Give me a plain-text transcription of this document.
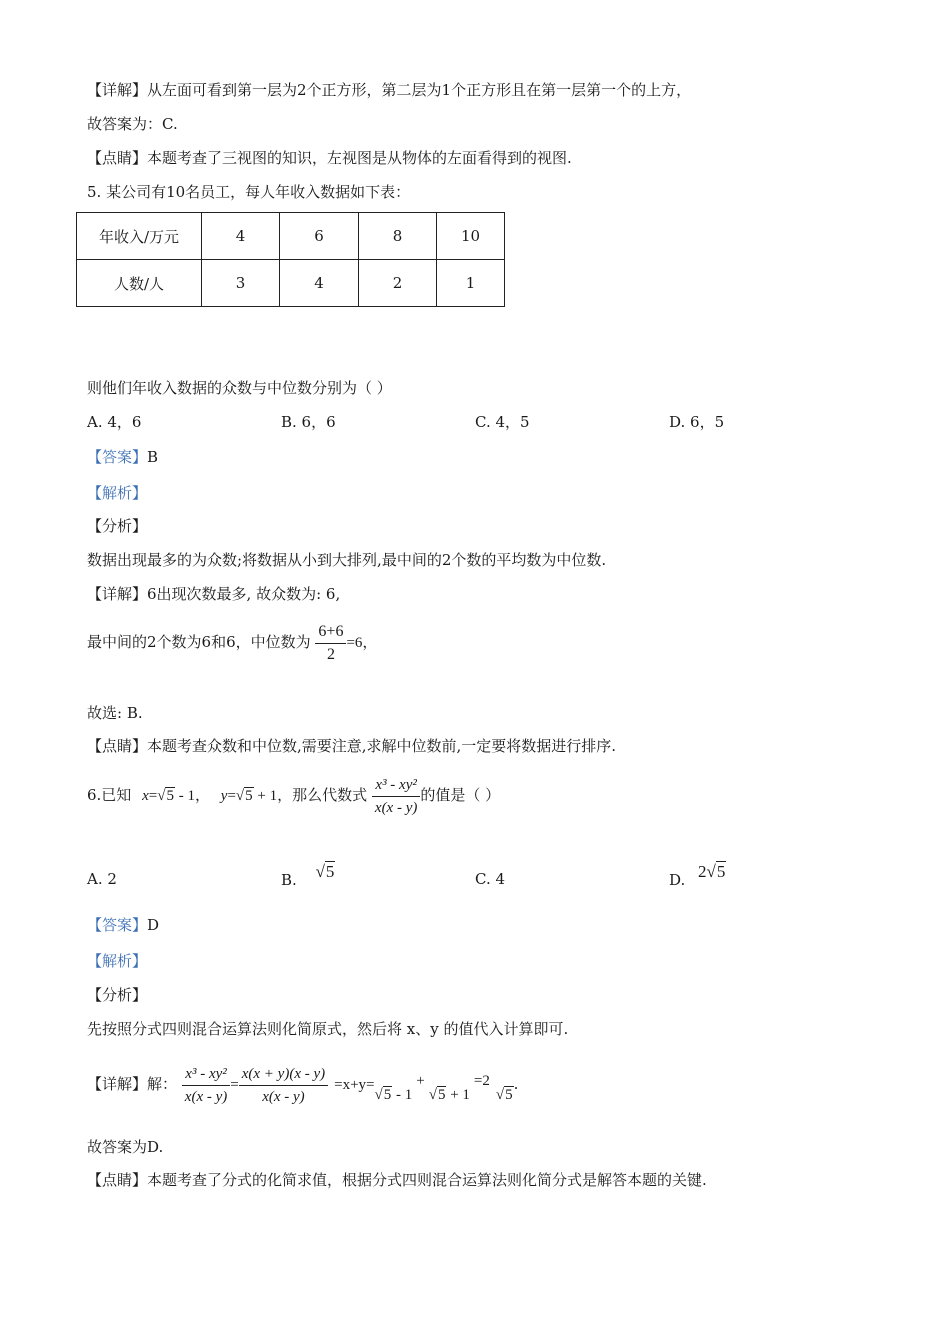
【详解】从左面可看到第一层为2个正方形，第二层为1个正方形且在第一层第一个的上方，
故答案为：C.
【点睛】本题考查了三视图的知识，左视图是从物体的左面看得到的视图.
5. 某公司有10名员工，每人年收入数据如下表：
年收入/万元	4	6	8	10
人数/人	3	4	2	1
则他们年收入数据的众数与中位数分别为（ ）
A. 4，6	B. 6，6	C. 4，5	D. 6，5
【答案】B
【解析】
【分析】
数据出现最多的为众数;将数据从小到大排列,最中间的2个数的平均数为中位数.
【详解】6出现次数最多, 故众数为: 6,
最中间的2个数为6和6，中位数为 $\frac{6+6}{2} =6$，
故选: B.
【点睛】本题考查众数和中位数,需要注意,求解中位数前,一定要将数据进行排序.
6.已知 x=√5 - 1， y=√5 + 1，那么代数式 $\frac{\text{x³ - xy²}}{x(x - y)}$ 的值是（ ）
A. 2	B. √5	C. 4	D. 2√5
【答案】D
【解析】
【分析】
先按照分式四则混合运算法则化简原式，然后将 x、y 的值代入计算即可.
【详解】解： $\frac{\text{x³ - xy²}}{x(x - y)} = \frac{x(x + y)(x - y)}{x(x - y)} =x+y=√5 - 1+√5 + 1=2√5$.
故答案为D.
【点睛】本题考查了分式的化简求值，根据分式四则混合运算法则化简分式是解答本题的关键.
